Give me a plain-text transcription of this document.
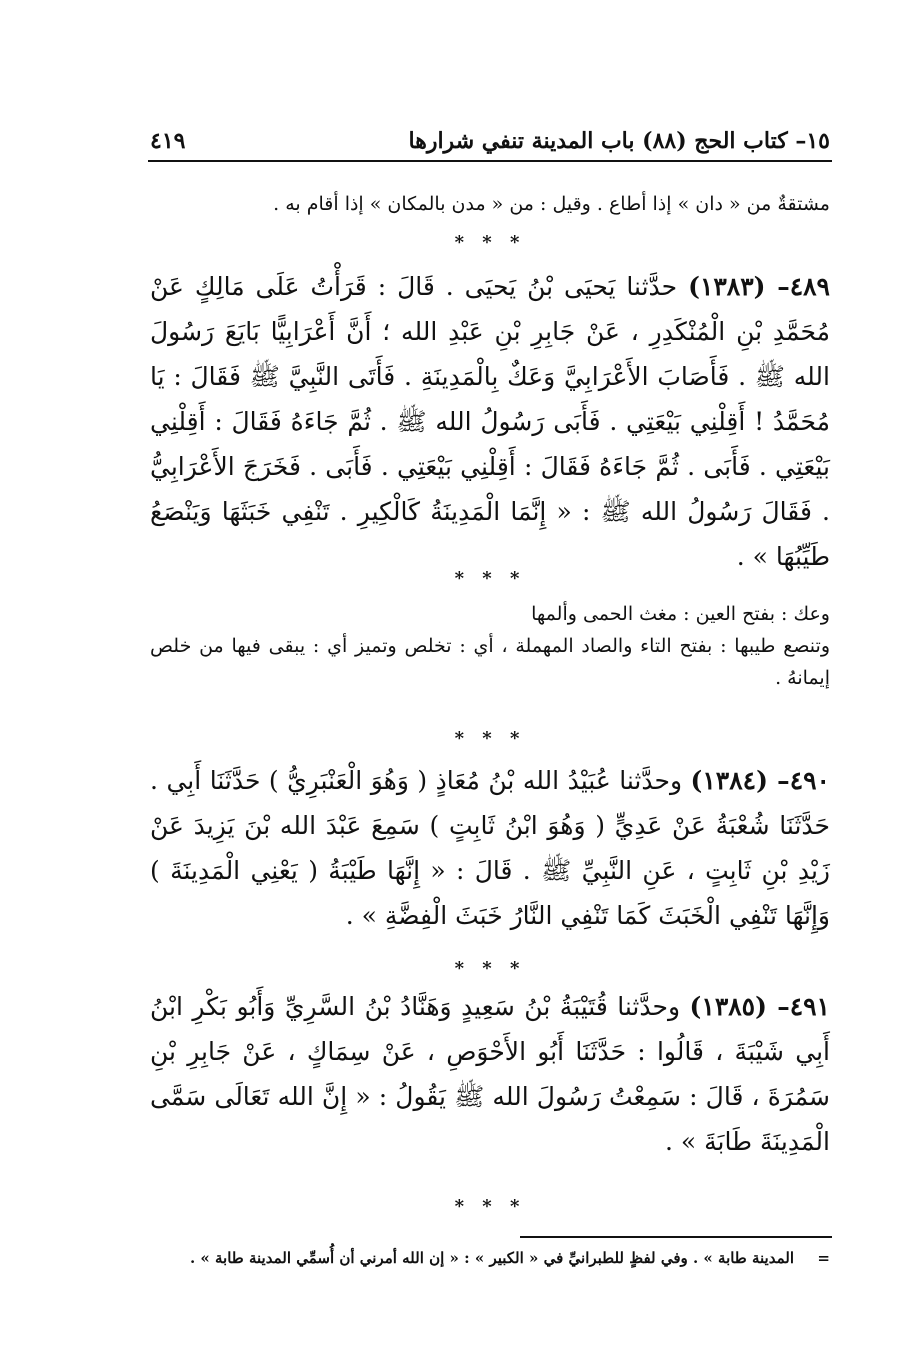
١٥– كتاب الحج (٨٨) باب المدينة تنفي شرارها
٤١٩
مشتقةٌ من « دان » إذا أطاع . وقيل : من « مدن بالمكان » إذا أقام به .
* * *
٤٨٩– (١٣٨٣) حدَّثنا يَحيَى بْنُ يَحيَى . قَالَ : قَرَأْتُ عَلَى مَالِكٍ عَنْ مُحَمَّدِ بْنِ الْمُنْكَدِرِ ، عَنْ جَابِرِ بْنِ عَبْدِ الله ؛ أَنَّ أَعْرَابِيًّا بَايَعَ رَسُولَ الله ﷺ . فَأَصَابَ الأَعْرَابِيَّ وَعَكٌ بِالْمَدِينَةِ . فَأَتَى النَّبِيَّ ﷺ فَقَالَ : يَا مُحَمَّدُ ! أَقِلْنِي بَيْعَتِي . فَأَبَى رَسُولُ الله ﷺ . ثُمَّ جَاءَهُ فَقَالَ : أَقِلْنِي بَيْعَتِي . فَأَبَى . ثُمَّ جَاءَهُ فَقَالَ : أَقِلْنِي بَيْعَتِي . فَأَبَى . فَخَرَجَ الأَعْرَابِيُّ . فَقَالَ رَسُولُ الله ﷺ : « إِنَّمَا الْمَدِينَةُ كَالْكِيرِ . تَنْفِي خَبَثَهَا وَيَنْصَعُ طَيِّبُهَا » .
* * *
وعك : بفتح العين : مغث الحمى وألمها
وتنصع طيبها : بفتح التاء والصاد المهملة ، أي : تخلص وتميز أي : يبقى فيها من خلص إيمانهُ .
* * *
٤٩٠– (١٣٨٤) وحدَّثنا عُبَيْدُ الله بْنُ مُعَاذٍ ( وَهُوَ الْعَنْبَرِيُّ ) حَدَّثَنَا أَبِي . حَدَّثَنَا شُعْبَةُ عَنْ عَدِيٍّ ( وَهُوَ ابْنُ ثَابِتٍ ) سَمِعَ عَبْدَ الله بْنَ يَزِيدَ عَنْ زَيْدِ بْنِ ثَابِتٍ ، عَنِ النَّبِيِّ ﷺ . قَالَ : « إِنَّهَا طَيْبَةُ ( يَعْنِي الْمَدِينَةَ ) وَإِنَّهَا تَنْفِي الْخَبَثَ كَمَا تَنْفِي النَّارُ خَبَثَ الْفِضَّةِ » .
* * *
٤٩١– (١٣٨٥) وحدَّثنا قُتَيْبَةُ بْنُ سَعِيدٍ وَهَنَّادُ بْنُ السَّرِيِّ وَأَبُو بَكْرِ ابْنُ أَبِي شَيْبَةَ ، قَالُوا : حَدَّثَنَا أَبُو الأَحْوَصِ ، عَنْ سِمَاكٍ ، عَنْ جَابِرِ بْنِ سَمُرَةَ ، قَالَ : سَمِعْتُ رَسُولَ الله ﷺ يَقُولُ : « إِنَّ الله تَعَالَى سَمَّى الْمَدِينَةَ طَابَةَ » .
* * *
=
المدينة طابة » . وفي لفظٍ للطبرانيِّ في « الكبير » : « إن الله أمرني أن أُسمِّي المدينة طابة » .
